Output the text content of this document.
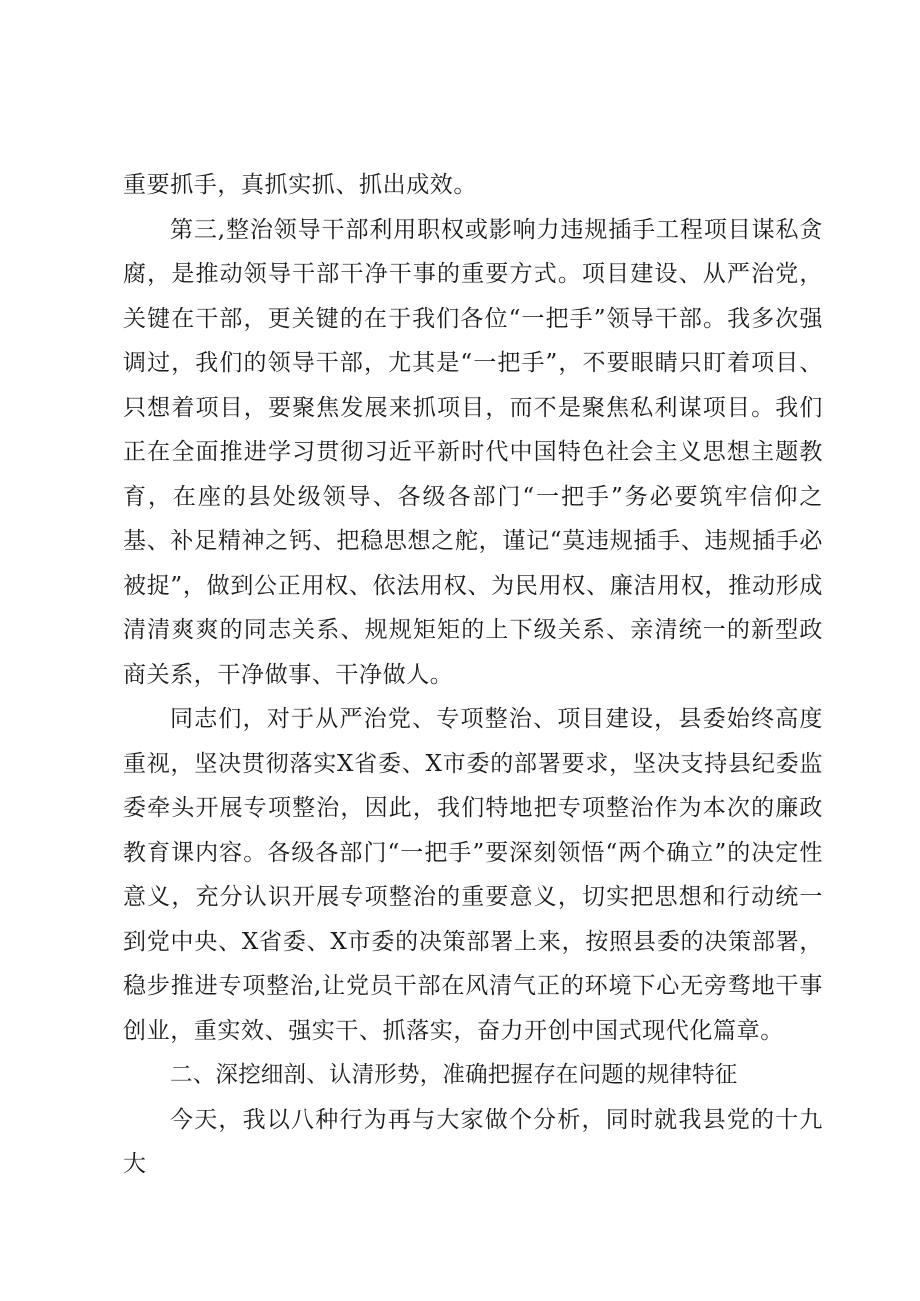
重要抓手，真抓实抓、抓出成效。

第三,整治领导干部利用职权或影响力违规插手工程项目谋私贪腐，是推动领导干部干净干事的重要方式。项目建设、从严治党，关键在干部，更关键的在于我们各位“一把手”领导干部。我多次强调过，我们的领导干部，尤其是“一把手”，不要眼睛只盯着项目、只想着项目，要聚焦发展来抓项目，而不是聚焦私利谋项目。我们正在全面推进学习贯彻习近平新时代中国特色社会主义思想主题教育，在座的县处级领导、各级各部门“一把手”务必要筑牢信仰之基、补足精神之钙、把稳思想之舵，谨记“莫违规插手、违规插手必被捉”，做到公正用权、依法用权、为民用权、廉洁用权，推动形成清清爽爽的同志关系、规规矩矩的上下级关系、亲清统一的新型政商关系，干净做事、干净做人。

同志们，对于从严治党、专项整治、项目建设，县委始终高度重视，坚决贯彻落实X省委、X市委的部署要求，坚决支持县纪委监委牵头开展专项整治，因此，我们特地把专项整治作为本次的廉政教育课内容。各级各部门“一把手”要深刻领悟“两个确立”的决定性意义，充分认识开展专项整治的重要意义，切实把思想和行动统一到党中央、X省委、X市委的决策部署上来，按照县委的决策部署，稳步推进专项整治,让党员干部在风清气正的环境下心无旁骛地干事创业，重实效、强实干、抓落实，奋力开创中国式现代化篇章。

二、深挖细剖、认清形势，准确把握存在问题的规律特征

今天，我以八种行为再与大家做个分析，同时就我县党的十九大
